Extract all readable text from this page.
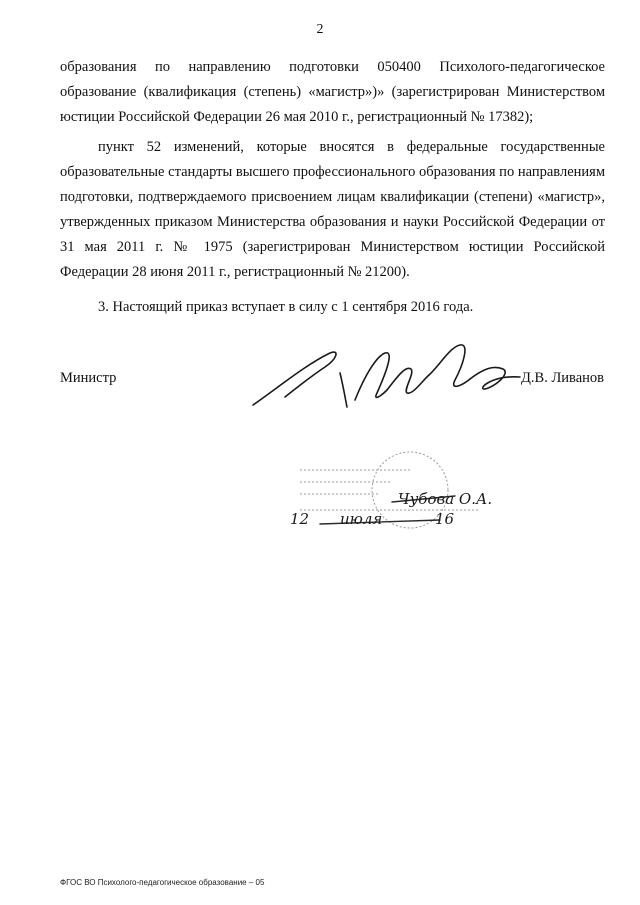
2
образования по направлению подготовки 050400 Психолого-педагогическое образование (квалификация (степень) «магистр»)» (зарегистрирован Министерством юстиции Российской Федерации 26 мая 2010 г., регистрационный № 17382);
пункт 52 изменений, которые вносятся в федеральные государственные образовательные стандарты высшего профессионального образования по направлениям подготовки, подтверждаемого присвоением лицам квалификации (степени) «магистр», утвержденных приказом Министерства образования и науки Российской Федерации от 31 мая 2011 г. № 1975 (зарегистрирован Министерством юстиции Российской Федерации 28 июня 2011 г., регистрационный № 21200).
3. Настоящий приказ вступает в силу с 1 сентября 2016 года.
Министр	Д.В. Ливанов
Чубова О.А.
12 июля	16
ФГОС ВО Психолого-педагогическое образование – 05
